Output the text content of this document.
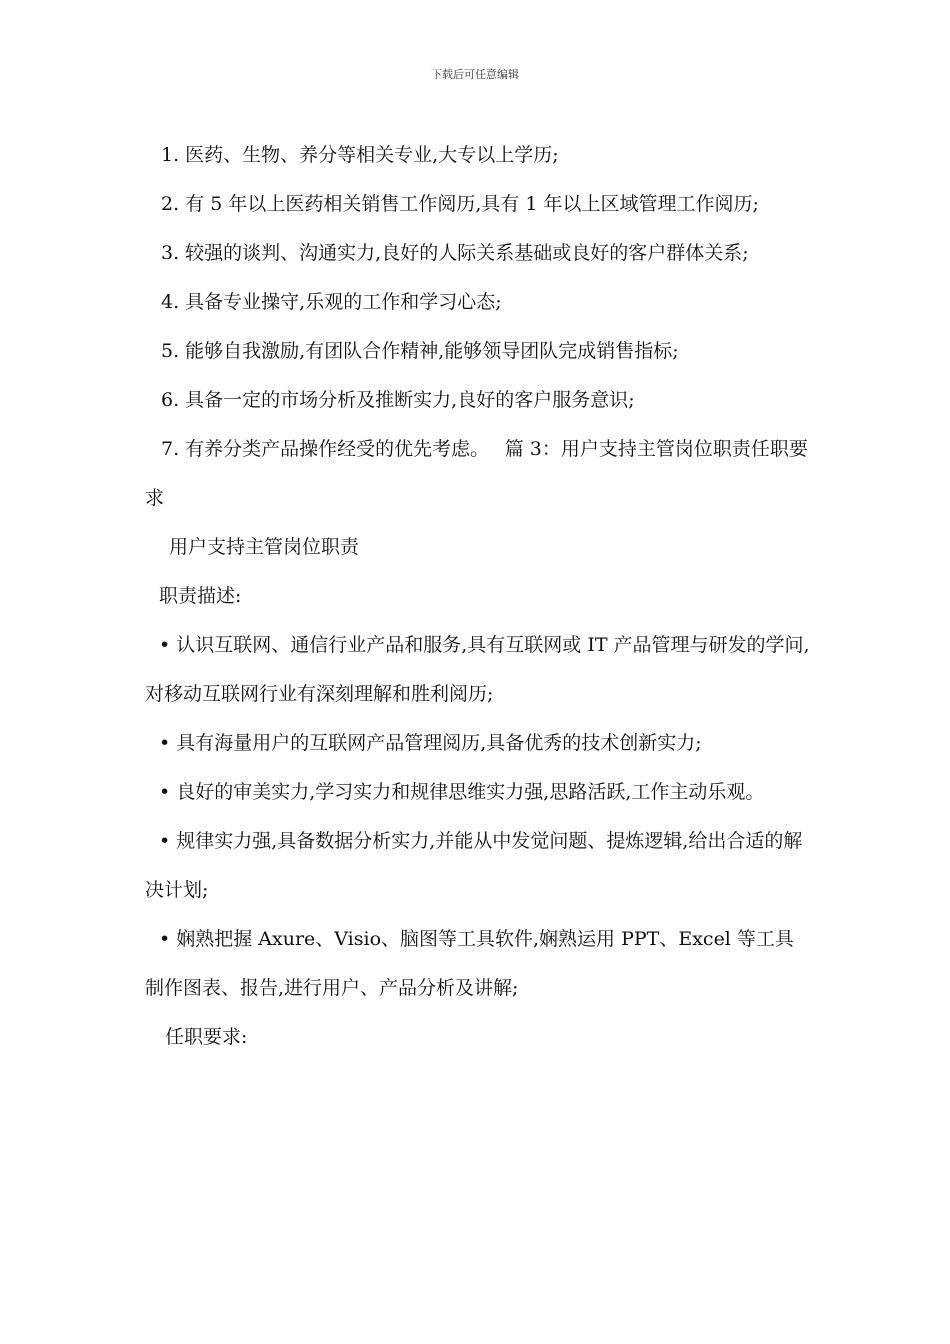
下载后可任意编辑

1. 医药、生物、养分等相关专业,大专以上学历;

2. 有 5 年以上医药相关销售工作阅历,具有 1 年以上区域管理工作阅历;

3. 较强的谈判、沟通实力,良好的人际关系基础或良好的客户群体关系;

4. 具备专业操守,乐观的工作和学习心态;

5. 能够自我激励,有团队合作精神,能够领导团队完成销售指标;

6. 具备一定的市场分析及推断实力,良好的客户服务意识;

7. 有养分类产品操作经受的优先考虑。　 篇 3：用户支持主管岗位职责任职要求

用户支持主管岗位职责

职责描述:

• 认识互联网、通信行业产品和服务,具有互联网或 IT 产品管理与研发的学问,对移动互联网行业有深刻理解和胜利阅历;

• 具有海量用户的互联网产品管理阅历,具备优秀的技术创新实力;

• 良好的审美实力,学习实力和规律思维实力强,思路活跃,工作主动乐观。

• 规律实力强,具备数据分析实力,并能从中发觉问题、提炼逻辑,给出合适的解决计划;

• 娴熟把握 Axure、Visio、脑图等工具软件,娴熟运用 PPT、Excel 等工具制作图表、报告,进行用户、产品分析及讲解;

任职要求:
